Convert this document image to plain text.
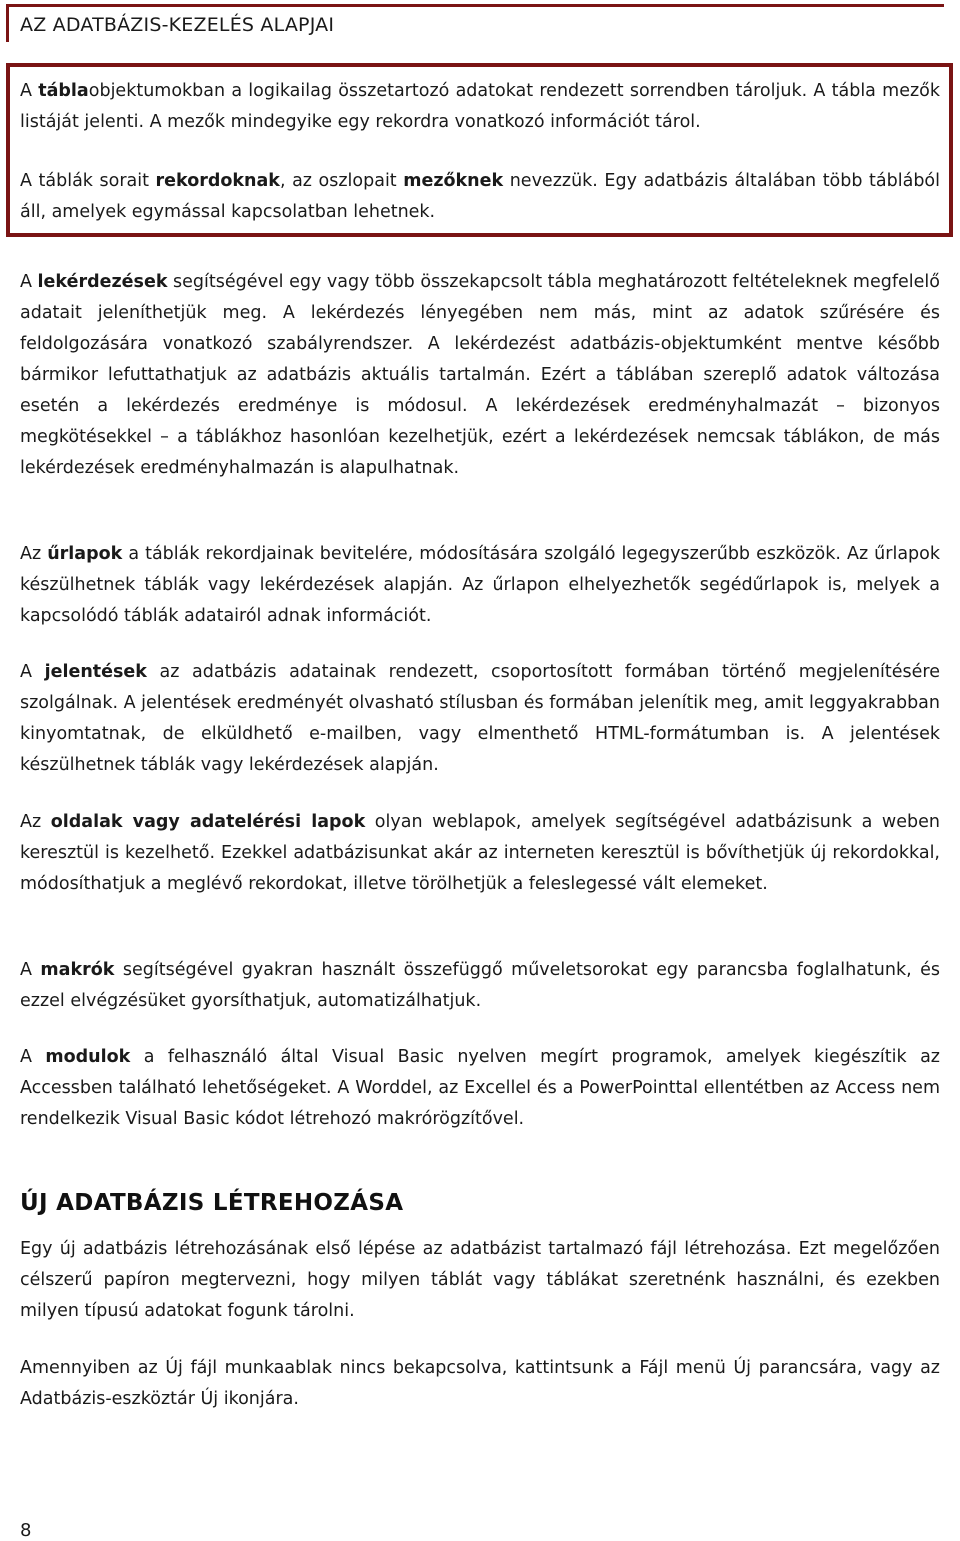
AZ ADATBÁZIS-KEZELÉS ALAPJAI

A táblaobjektumokban a logikailag összetartozó adatokat rendezett sorrendben tároljuk. A tábla mezők listáját jelenti. A mezők mindegyike egy rekordra vonatkozó információt tárol.

A táblák sorait rekordoknak, az oszlopait mezőknek nevezzük. Egy adatbázis általában több táblából áll, amelyek egymással kapcsolatban lehetnek.

A lekérdezések segítségével egy vagy több összekapcsolt tábla meghatározott feltételeknek megfelelő adatait jeleníthetjük meg. A lekérdezés lényegében nem más, mint az adatok szűrésére és feldolgozására vonatkozó szabályrendszer. A lekérdezést adatbázis-objektumként mentve később bármikor lefuttathatjuk az adatbázis aktuális tartalmán. Ezért a táblában szereplő adatok változása esetén a lekérdezés eredménye is módosul. A lekérdezések eredményhalmazát – bizonyos megkötésekkel – a táblákhoz hasonlóan kezelhetjük, ezért a lekérdezések nemcsak táblákon, de más lekérdezések eredményhalmazán is alapulhatnak.

Az űrlapok a táblák rekordjainak bevitelére, módosítására szolgáló legegyszerűbb eszközök. Az űrlapok készülhetnek táblák vagy lekérdezések alapján. Az űrlapon elhelyezhetők segédűrlapok is, melyek a kapcsolódó táblák adatairól adnak információt.

A jelentések az adatbázis adatainak rendezett, csoportosított formában történő megjelenítésére szolgálnak. A jelentések eredményét olvasható stílusban és formában jelenítik meg, amit leggyakrabban kinyomtatnak, de elküldhető e-mailben, vagy elmenthető HTML-formátumban is. A jelentések készülhetnek táblák vagy lekérdezések alapján.

Az oldalak vagy adatelérési lapok olyan weblapok, amelyek segítségével adatbázisunk a weben keresztül is kezelhető. Ezekkel adatbázisunkat akár az interneten keresztül is bővíthetjük új rekordokkal, módosíthatjuk a meglévő rekordokat, illetve törölhetjük a feleslegessé vált elemeket.

A makrók segítségével gyakran használt összefüggő műveletsorokat egy parancsba foglalhatunk, és ezzel elvégzésüket gyorsíthatjuk, automatizálhatjuk.

A modulok a felhasználó által Visual Basic nyelven megírt programok, amelyek kiegészítik az Accessben található lehetőségeket. A Worddel, az Excellel és a PowerPointtal ellentétben az Access nem rendelkezik Visual Basic kódot létrehozó makrórögzítővel.

ÚJ ADATBÁZIS LÉTREHOZÁSA

Egy új adatbázis létrehozásának első lépése az adatbázist tartalmazó fájl létrehozása. Ezt megelőzően célszerű papíron megtervezni, hogy milyen táblát vagy táblákat szeretnénk használni, és ezekben milyen típusú adatokat fogunk tárolni.

Amennyiben az Új fájl munkaablak nincs bekapcsolva, kattintsunk a Fájl menü Új parancsára, vagy az Adatbázis-eszköztár Új ikonjára.

8
